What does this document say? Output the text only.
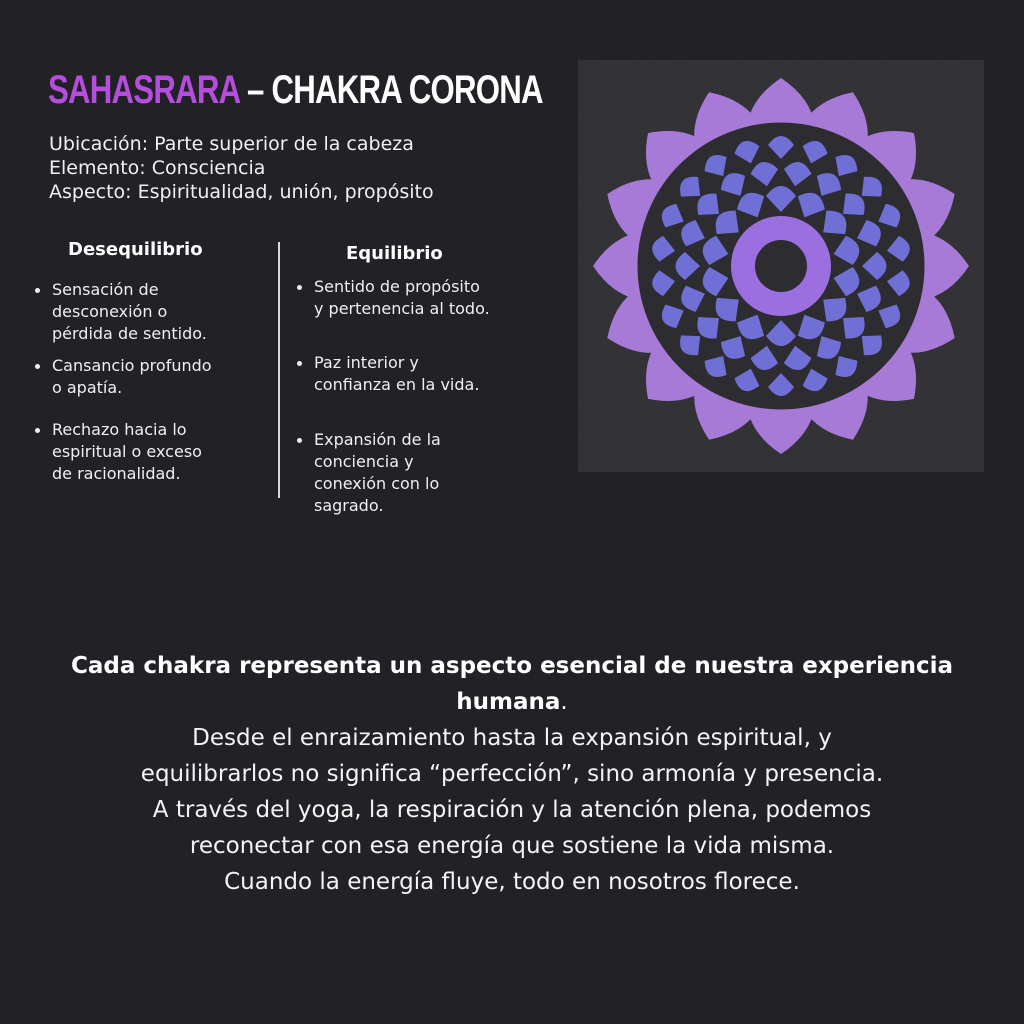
SAHASRARA – CHAKRA CORONA
Ubicación: Parte superior de la cabeza
Elemento: Consciencia
Aspecto: Espiritualidad, unión, propósito
Desequilibrio
Sensación de
desconexión o
pérdida de sentido.
Cansancio profundo
o apatía.
Rechazo hacia lo
espiritual o exceso
de racionalidad.
Equilibrio
Sentido de propósito
y pertenencia al todo.
Paz interior y
confianza en la vida.
Expansión de la
conciencia y
conexión con lo
sagrado.
Cada chakra representa un aspecto esencial de nuestra experiencia humana.
Desde el enraizamiento hasta la expansión espiritual, y
equilibrarlos no significa “perfección”, sino armonía y presencia.
A través del yoga, la respiración y la atención plena, podemos
reconectar con esa energía que sostiene la vida misma.
Cuando la energía fluye, todo en nosotros florece.
